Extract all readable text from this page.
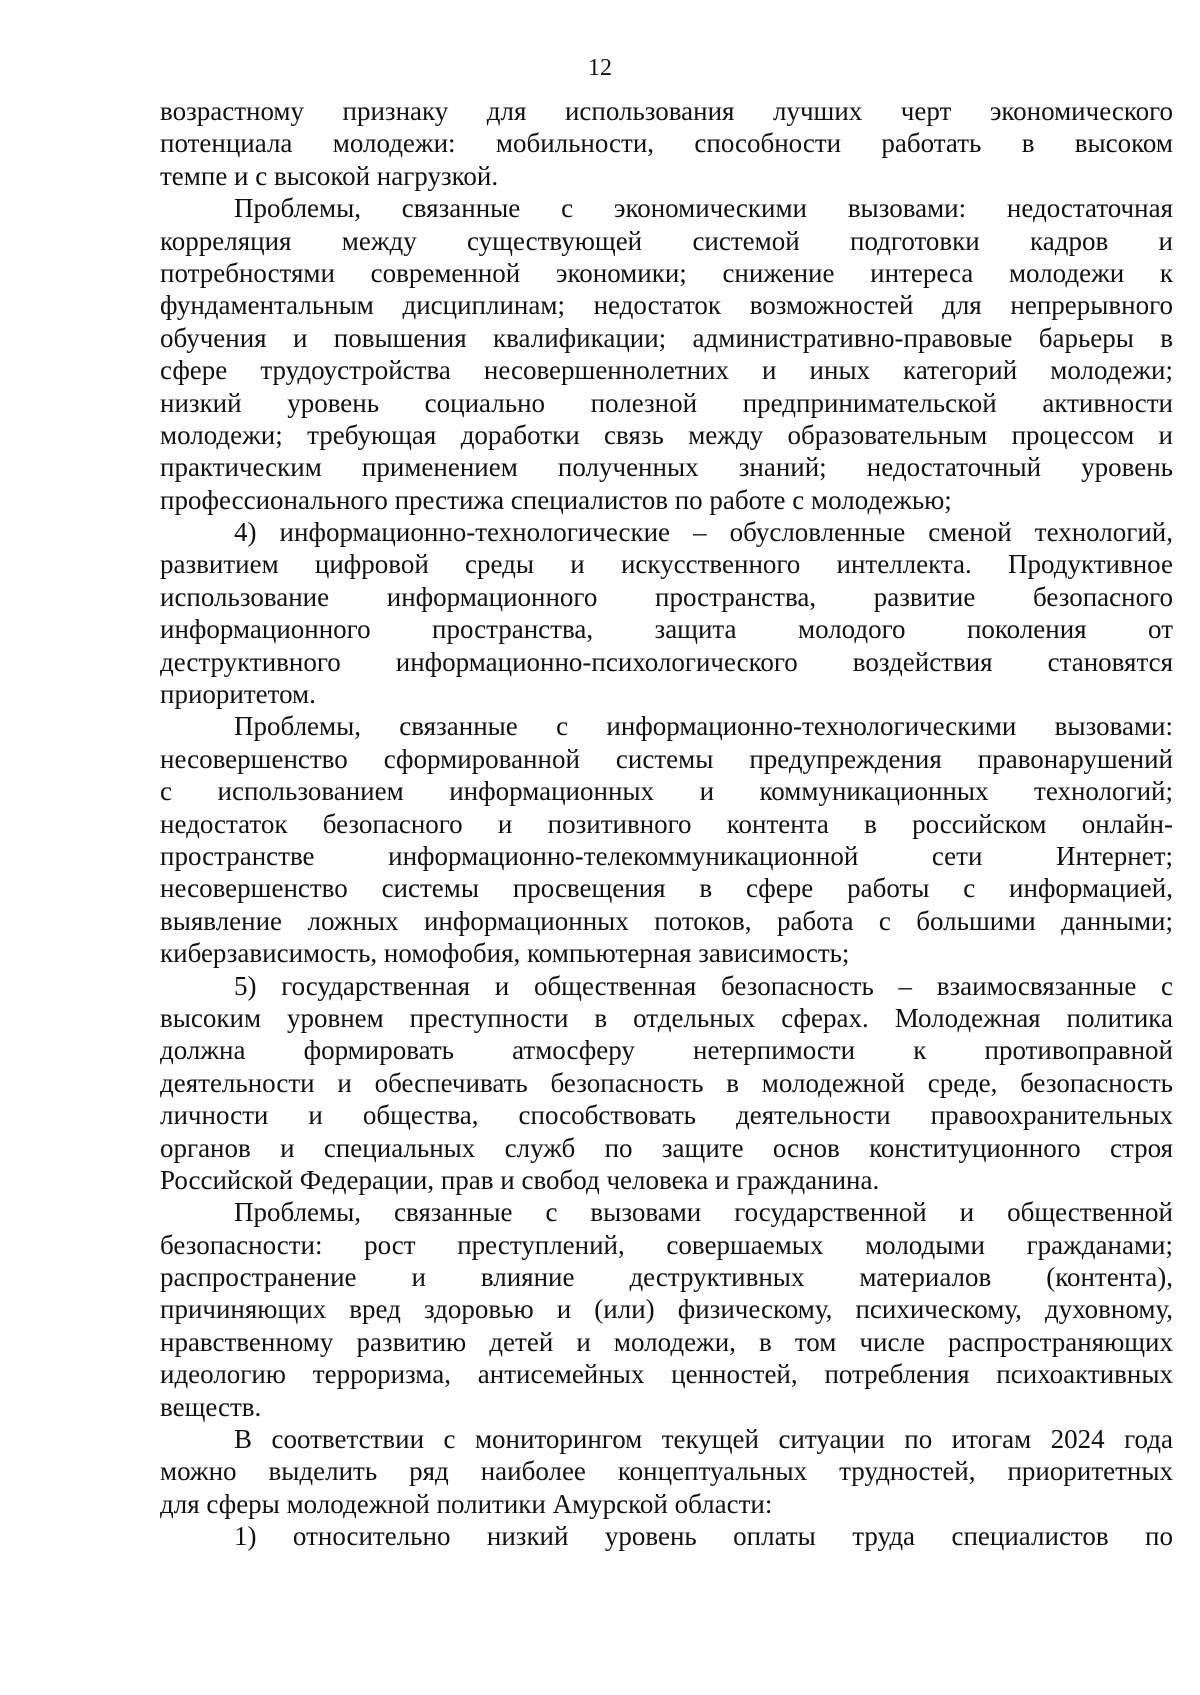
12
возрастному признаку для использования лучших черт экономического
потенциала молодежи: мобильности, способности работать в высоком
темпе и с высокой нагрузкой.
Проблемы, связанные с экономическими вызовами: недостаточная
корреляция между существующей системой подготовки кадров и
потребностями современной экономики; снижение интереса молодежи к
фундаментальным дисциплинам; недостаток возможностей для непрерывного
обучения и повышения квалификации; административно-правовые барьеры в
сфере трудоустройства несовершеннолетних и иных категорий молодежи;
низкий уровень социально полезной предпринимательской активности
молодежи; требующая доработки связь между образовательным процессом и
практическим применением полученных знаний; недостаточный уровень
профессионального престижа специалистов по работе с молодежью;
4) информационно-технологические – обусловленные сменой технологий,
развитием цифровой среды и искусственного интеллекта. Продуктивное
использование информационного пространства, развитие безопасного
информационного пространства, защита молодого поколения от
деструктивного информационно-психологического воздействия становятся
приоритетом.
Проблемы, связанные с информационно-технологическими вызовами:
несовершенство сформированной системы предупреждения правонарушений
с использованием информационных и коммуникационных технологий;
недостаток безопасного и позитивного контента в российском онлайн-
пространстве информационно-телекоммуникационной сети Интернет;
несовершенство системы просвещения в сфере работы с информацией,
выявление ложных информационных потоков, работа с большими данными;
киберзависимость, номофобия, компьютерная зависимость;
5) государственная и общественная безопасность – взаимосвязанные с
высоким уровнем преступности в отдельных сферах. Молодежная политика
должна формировать атмосферу нетерпимости к противоправной
деятельности и обеспечивать безопасность в молодежной среде, безопасность
личности и общества, способствовать деятельности правоохранительных
органов и специальных служб по защите основ конституционного строя
Российской Федерации, прав и свобод человека и гражданина.
Проблемы, связанные с вызовами государственной и общественной
безопасности: рост преступлений, совершаемых молодыми гражданами;
распространение и влияние деструктивных материалов (контента),
причиняющих вред здоровью и (или) физическому, психическому, духовному,
нравственному развитию детей и молодежи, в том числе распространяющих
идеологию терроризма, антисемейных ценностей, потребления психоактивных
веществ.
В соответствии с мониторингом текущей ситуации по итогам 2024 года
можно выделить ряд наиболее концептуальных трудностей, приоритетных
для сферы молодежной политики Амурской области:
1) относительно низкий уровень оплаты труда специалистов по
